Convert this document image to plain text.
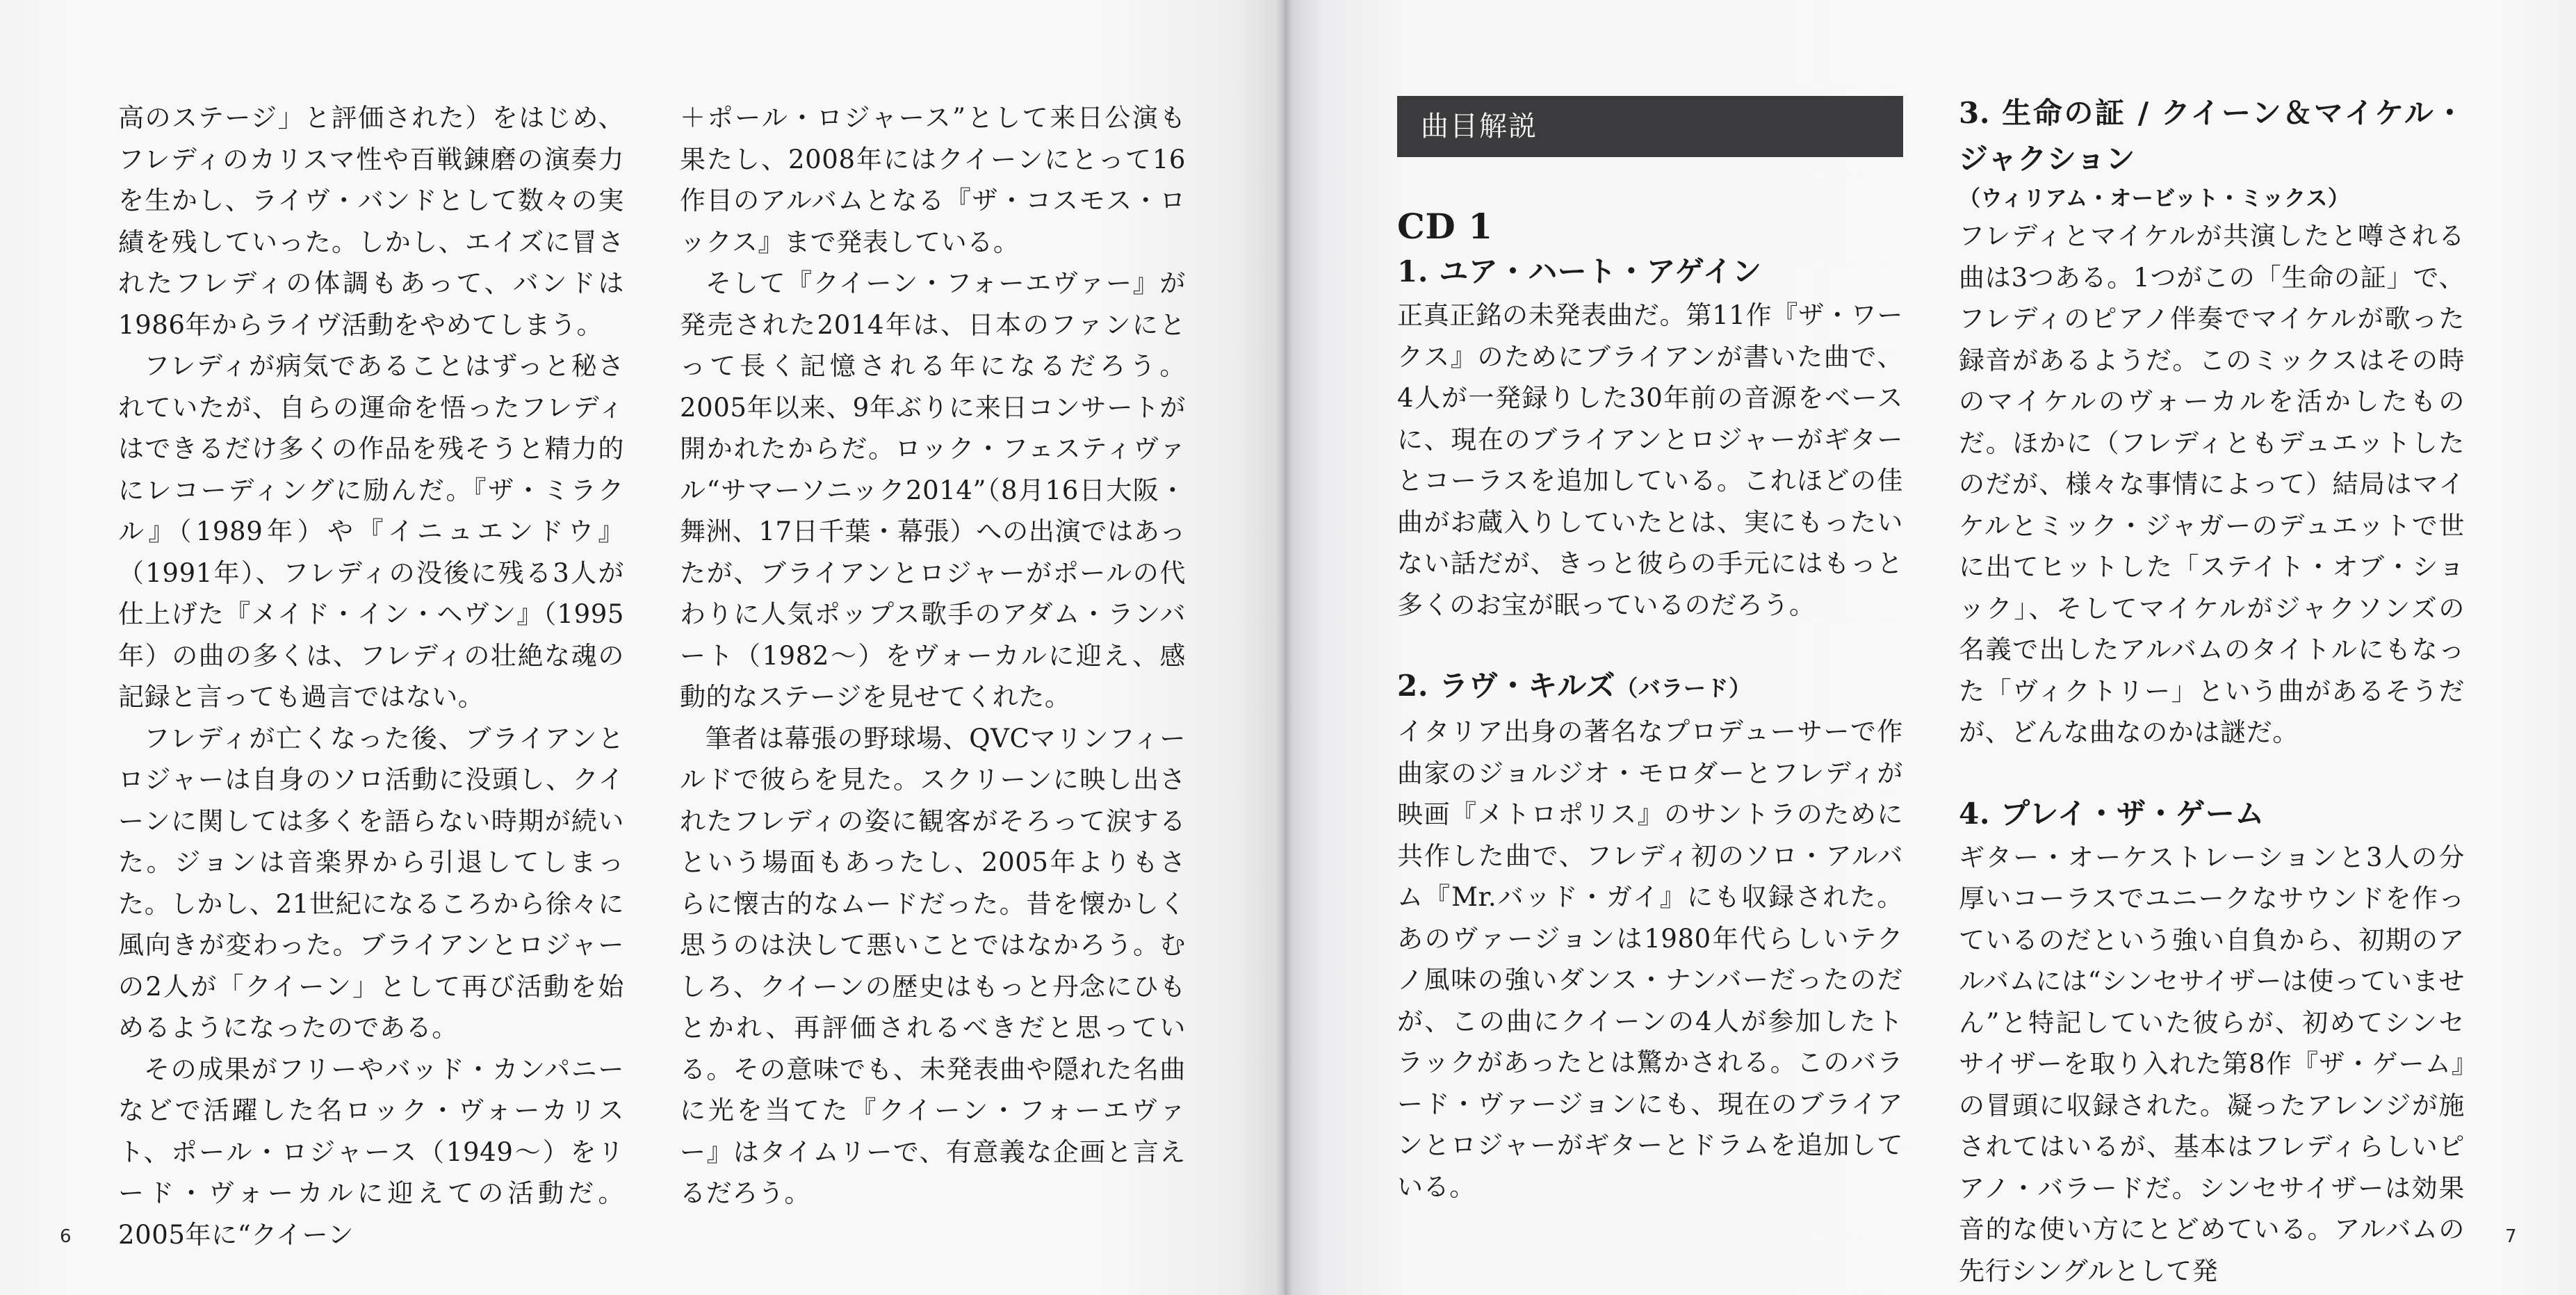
高のステージ」と評価された）をはじめ、フレディのカリスマ性や百戦錬磨の演奏力を生かし、ライヴ・バンドとして数々の実績を残していった。しかし、エイズに冒されたフレディの体調もあって、バンドは1986年からライヴ活動をやめてしまう。

フレディが病気であることはずっと秘されていたが、自らの運命を悟ったフレディはできるだけ多くの作品を残そうと精力的にレコーディングに励んだ。『ザ・ミラクル』（1989年）や『イニュエンドウ』（1991年）、フレディの没後に残る3人が仕上げた『メイド・イン・ヘヴン』（1995年）の曲の多くは、フレディの壮絶な魂の記録と言っても過言ではない。

フレディが亡くなった後、ブライアンとロジャーは自身のソロ活動に没頭し、クイーンに関しては多くを語らない時期が続いた。ジョンは音楽界から引退してしまった。しかし、21世紀になるころから徐々に風向きが変わった。ブライアンとロジャーの2人が「クイーン」として再び活動を始めるようになったのである。

その成果がフリーやバッド・カンパニーなどで活躍した名ロック・ヴォーカリスト、ポール・ロジャース（1949～）をリード・ヴォーカルに迎えての活動だ。2005年に“クイーン

＋ポール・ロジャース”として来日公演も果たし、2008年にはクイーンにとって16作目のアルバムとなる『ザ・コスモス・ロックス』まで発表している。

そして『クイーン・フォーエヴァー』が発売された2014年は、日本のファンにとって長く記憶される年になるだろう。2005年以来、9年ぶりに来日コンサートが開かれたからだ。ロック・フェスティヴァル“サマーソニック2014”（8月16日大阪・舞洲、17日千葉・幕張）への出演ではあったが、ブライアンとロジャーがポールの代わりに人気ポップス歌手のアダム・ランバート（1982～）をヴォーカルに迎え、感動的なステージを見せてくれた。

筆者は幕張の野球場、QVCマリンフィールドで彼らを見た。スクリーンに映し出されたフレディの姿に観客がそろって涙するという場面もあったし、2005年よりもさらに懐古的なムードだった。昔を懐かしく思うのは決して悪いことではなかろう。むしろ、クイーンの歴史はもっと丹念にひもとかれ、再評価されるべきだと思っている。その意味でも、未発表曲や隠れた名曲に光を当てた『クイーン・フォーエヴァー』はタイムリーで、有意義な企画と言えるだろう。

6
曲目解説
CD 1

1. ユア・ハート・アゲイン

正真正銘の未発表曲だ。第11作『ザ・ワークス』のためにブライアンが書いた曲で、4人が一発録りした30年前の音源をベースに、現在のブライアンとロジャーがギターとコーラスを追加している。これほどの佳曲がお蔵入りしていたとは、実にもったいない話だが、きっと彼らの手元にはもっと多くのお宝が眠っているのだろう。

2. ラヴ・キルズ（バラード）

イタリア出身の著名なプロデューサーで作曲家のジョルジオ・モロダーとフレディが映画『メトロポリス』のサントラのために共作した曲で、フレディ初のソロ・アルバム『Mr.バッド・ガイ』にも収録された。あのヴァージョンは1980年代らしいテクノ風味の強いダンス・ナンバーだったのだが、この曲にクイーンの4人が参加したトラックがあったとは驚かされる。このバラード・ヴァージョンにも、現在のブライアンとロジャーがギターとドラムを追加している。

3. 生命の証 / クイーン＆マイケル・ジャクション

（ウィリアム・オービット・ミックス）

フレディとマイケルが共演したと噂される曲は3つある。1つがこの「生命の証」で、フレディのピアノ伴奏でマイケルが歌った録音があるようだ。このミックスはその時のマイケルのヴォーカルを活かしたものだ。ほかに（フレディともデュエットしたのだが、様々な事情によって）結局はマイケルとミック・ジャガーのデュエットで世に出てヒットした「ステイト・オブ・ショック」、そしてマイケルがジャクソンズの名義で出したアルバムのタイトルにもなった「ヴィクトリー」という曲があるそうだが、どんな曲なのかは謎だ。

4. プレイ・ザ・ゲーム

ギター・オーケストレーションと3人の分厚いコーラスでユニークなサウンドを作っているのだという強い自負から、初期のアルバムには“シンセサイザーは使っていません”と特記していた彼らが、初めてシンセサイザーを取り入れた第8作『ザ・ゲーム』の冒頭に収録された。凝ったアレンジが施されてはいるが、基本はフレディらしいピアノ・バラードだ。シンセサイザーは効果音的な使い方にとどめている。アルバムの先行シングルとして発

7
